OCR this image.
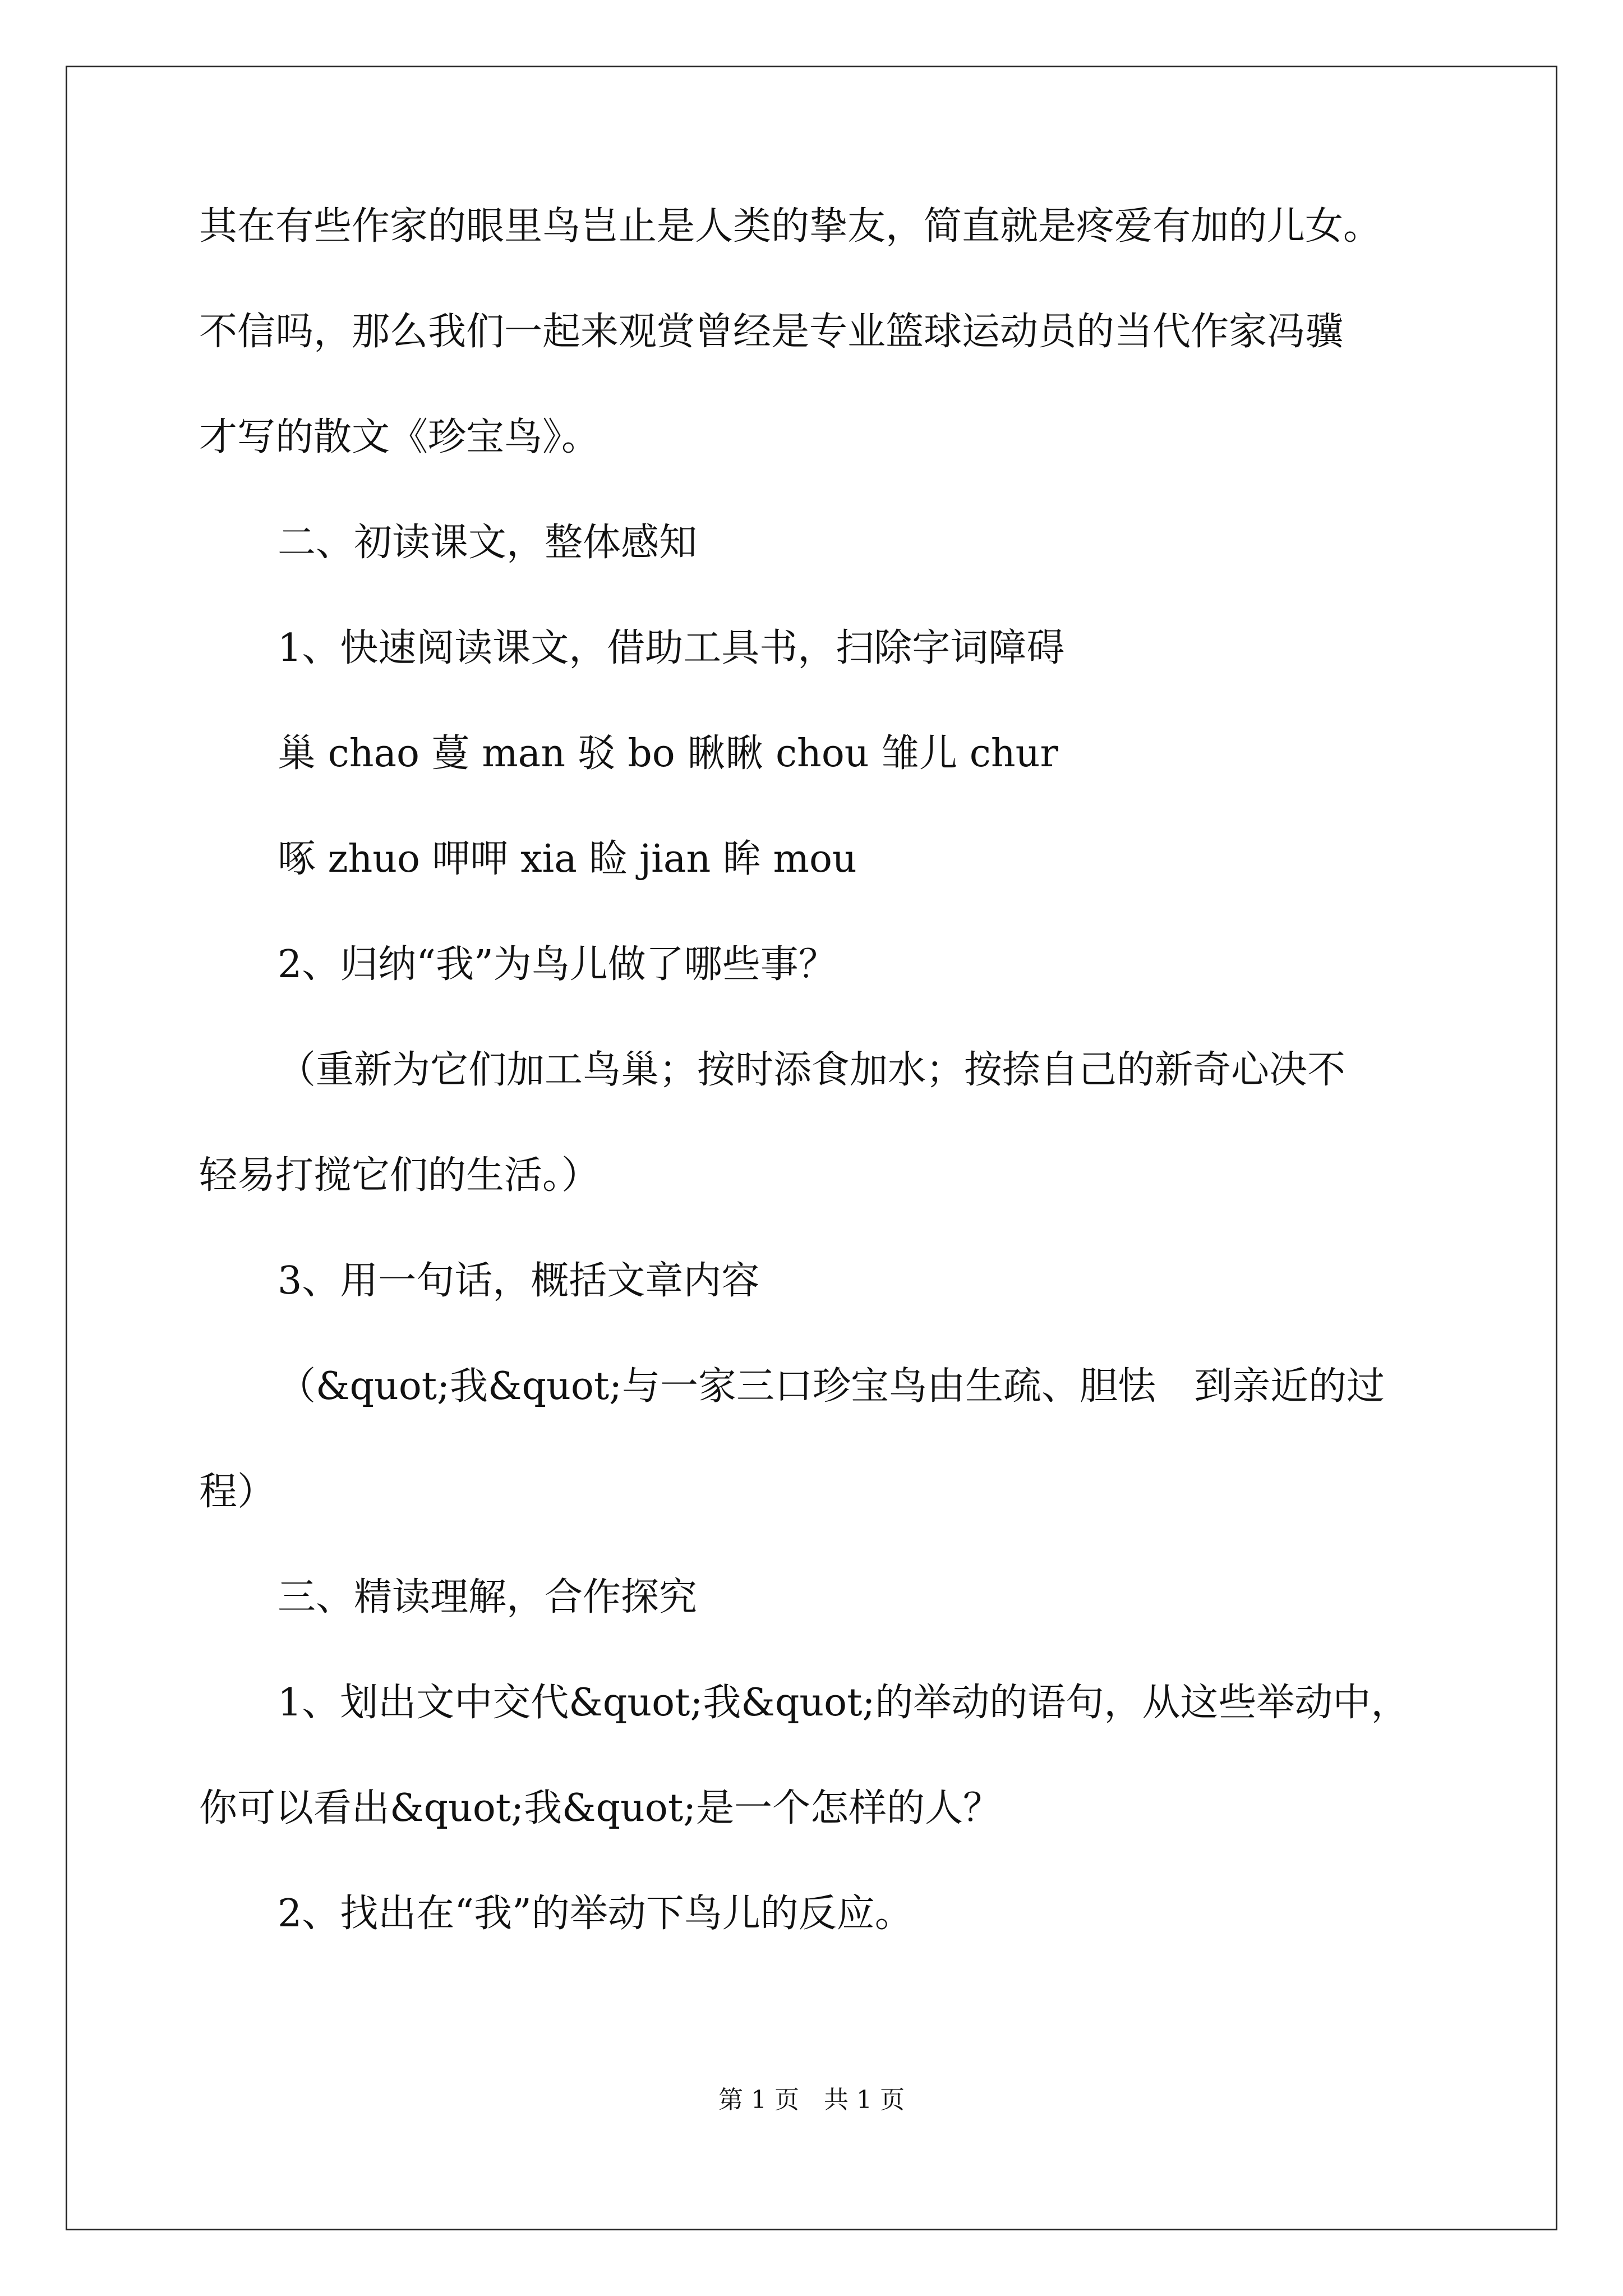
其在有些作家的眼里鸟岂止是人类的挚友，简直就是疼爱有加的儿女。
不信吗，那么我们一起来观赏曾经是专业篮球运动员的当代作家冯骥
才写的散文《珍宝鸟》。
二、初读课文，整体感知
1、快速阅读课文，借助工具书，扫除字词障碍
巢 chao 蔓 man 驳 bo 瞅瞅 chou 雏儿 chur
啄 zhuo 呷呷 xia 睑 jian 眸 mou
2、归纳“我”为鸟儿做了哪些事？
（重新为它们加工鸟巢；按时添食加水；按捺自己的新奇心决不
轻易打搅它们的生活。）
3、用一句话，概括文章内容
（&quot;我&quot;与一家三口珍宝鸟由生疏、胆怯　到亲近的过
程）
三、精读理解，合作探究
1、划出文中交代&quot;我&quot;的举动的语句，从这些举动中，
你可以看出&quot;我&quot;是一个怎样的人？
2、找出在“我”的举动下鸟儿的反应。
第 1 页　共 1 页
